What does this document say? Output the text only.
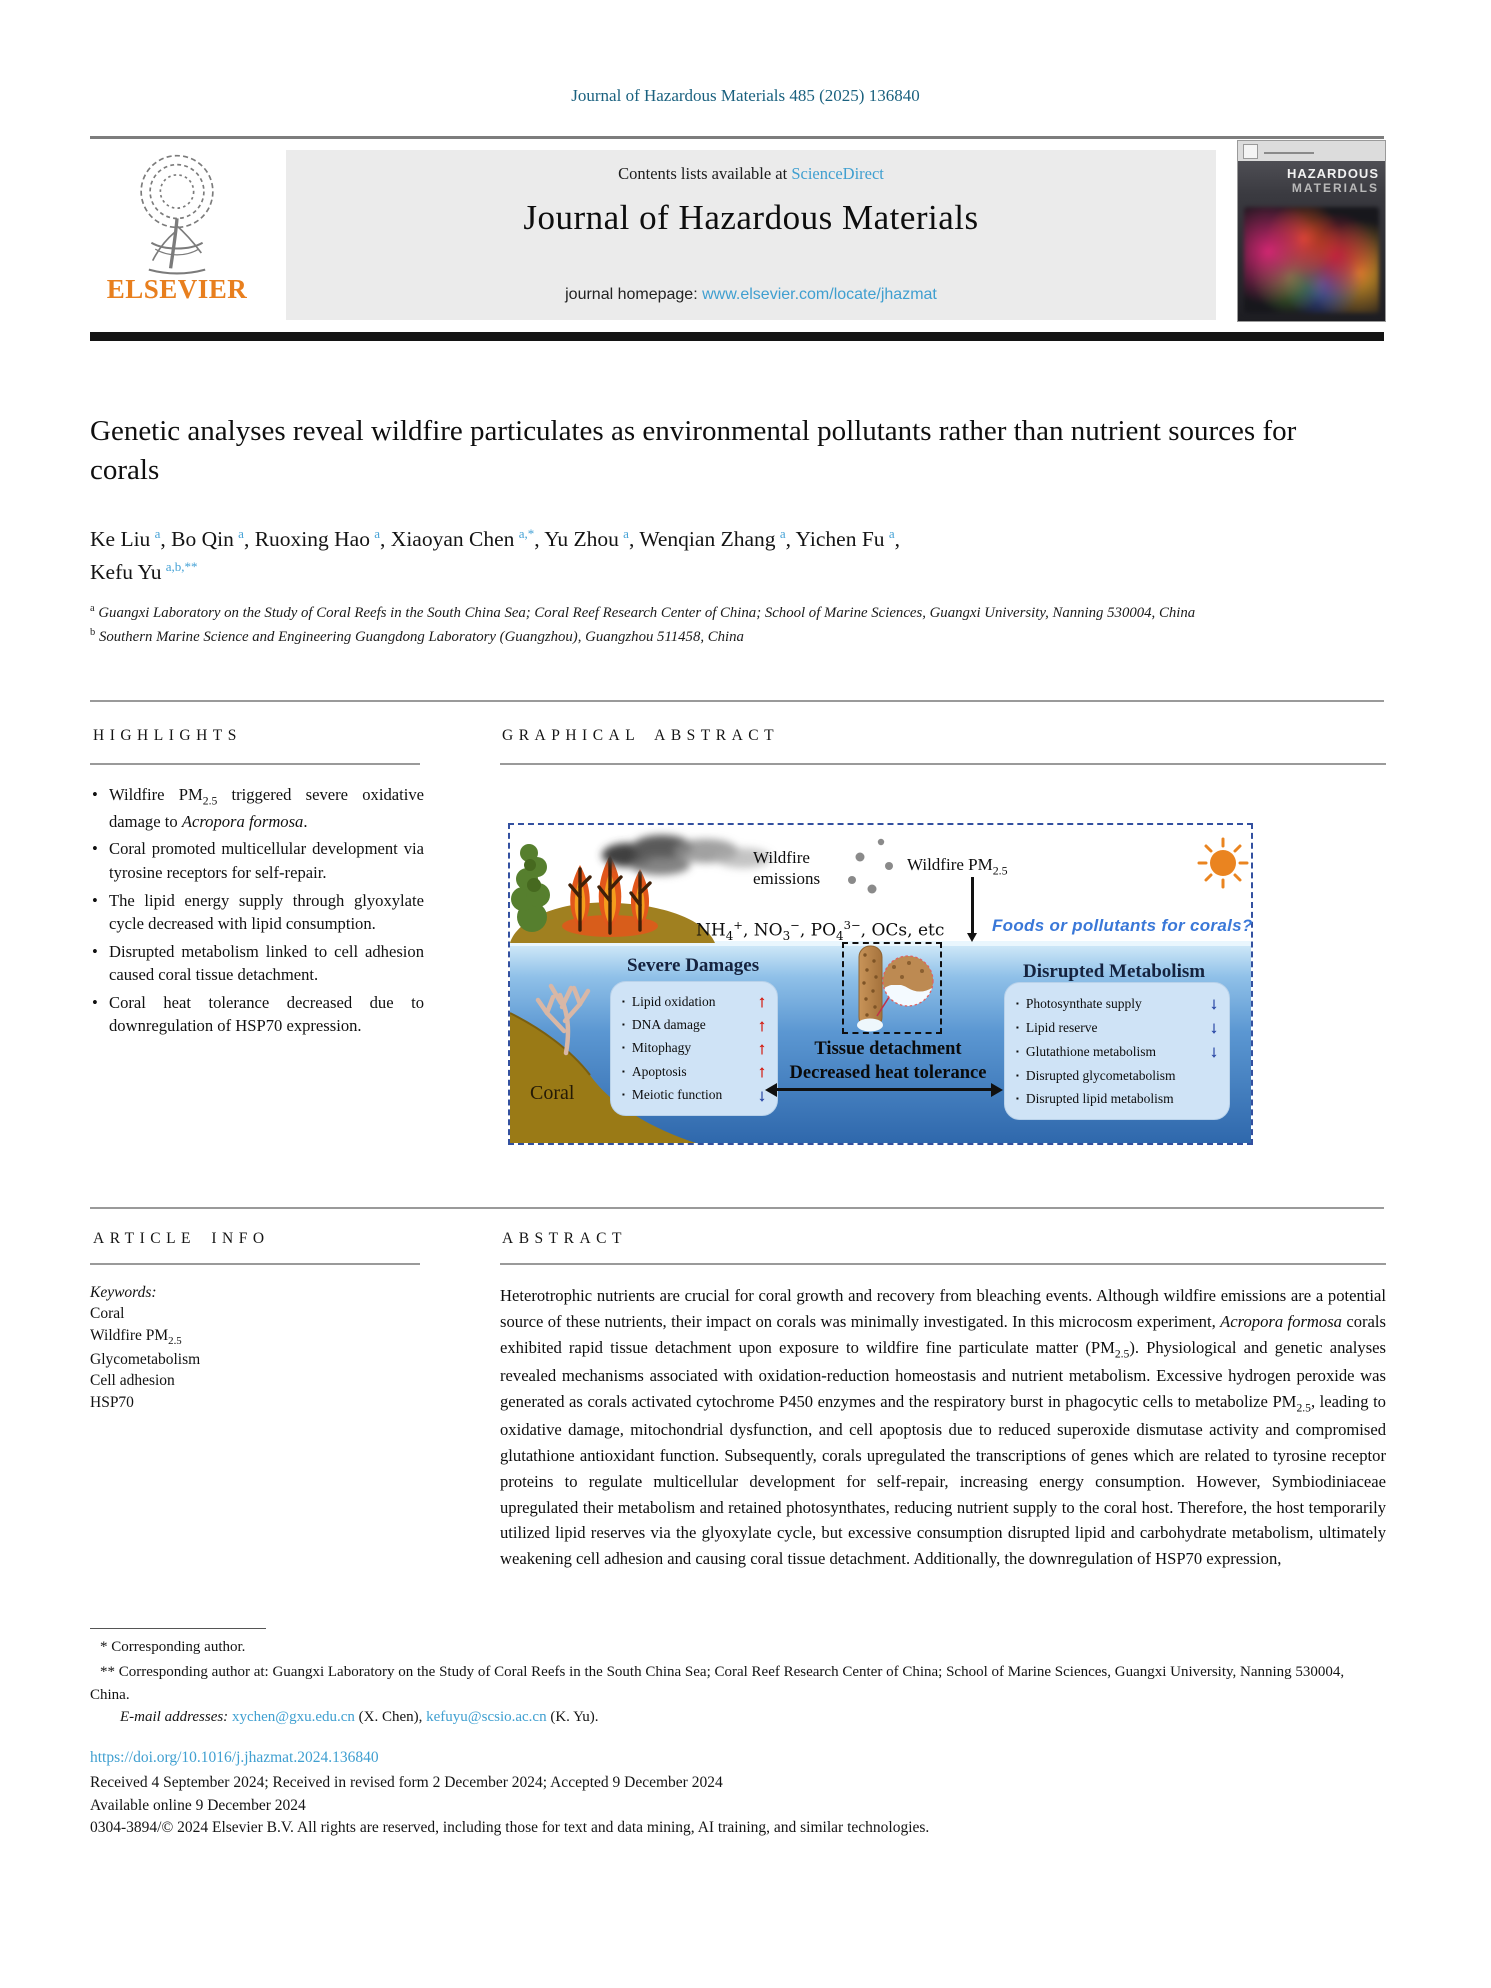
Journal of Hazardous Materials 485 (2025) 136840
ELSEVIER
Contents lists available at ScienceDirect
Journal of Hazardous Materials
journal homepage: www.elsevier.com/locate/jhazmat
HAZARDOUS
MATERIALS
Genetic analyses reveal wildfire particulates as environmental pollutants rather than nutrient sources for corals
Ke Liu $^a$, Bo Qin $^a$, Ruoxing Hao $^a$, Xiaoyan Chen $^{a,*}$, Yu Zhou $^a$, Wenqian Zhang $^a$, Yichen Fu $^a$,
Kefu Yu $^{a,b,**}$
$^a$ Guangxi Laboratory on the Study of Coral Reefs in the South China Sea; Coral Reef Research Center of China; School of Marine Sciences, Guangxi University, Nanning 530004, China
$^b$ Southern Marine Science and Engineering Guangdong Laboratory (Guangzhou), Guangzhou 511458, China
HIGHLIGHTS	GRAPHICAL ABSTRACT
• Wildfire $PM_{2.5}$ triggered severe oxidative damage to Acropora formosa.
• Coral promoted multicellular development via tyrosine receptors for self-repair.
• The lipid energy supply through glyoxylate cycle decreased with lipid consumption.
• Disrupted metabolism linked to cell adhesion caused coral tissue detachment.
• Coral heat tolerance decreased due to downregulation of HSP70 expression.
Wildfire emissions
Wildfire $PM_{2.5}$
$NH_4^+$, $NO_3^-$, $PO_4^{3-}$, OCs, etc	Foods or pollutants for corals?
Severe Damages
▪ Lipid oxidation ↑
▪ DNA damage	↑
▪ Mitophagy	↑
▪ Apoptosis	↑
▪ Meiotic function ↓
Tissue detachment
Decreased heat tolerance
Disrupted Metabolism
▪ Photosynthate supply	↓
▪ Lipid reserve	↓
▪ Glutathione metabolism	↓
▪ Disrupted glycometabolism
▪ Disrupted lipid metabolism
Coral
ARTICLE INFO	ABSTRACT
Keywords:
Coral
Wildfire $PM_{2.5}$
Glycometabolism
Cell adhesion
HSP70
Heterotrophic nutrients are crucial for coral growth and recovery from bleaching events. Although wildfire emissions are a potential source of these nutrients, their impact on corals was minimally investigated. In this microcosm experiment, Acropora formosa corals exhibited rapid tissue detachment upon exposure to wildfire fine particulate matter $(PM_{2.5})$. Physiological and genetic analyses revealed mechanisms associated with oxidation-reduction homeostasis and nutrient metabolism. Excessive hydrogen peroxide was generated as corals activated cytochrome P450 enzymes and the respiratory burst in phagocytic cells to metabolize $PM_{2.5}$, leading to oxidative damage, mitochondrial dysfunction, and cell apoptosis due to reduced superoxide dismutase activity and compromised glutathione antioxidant function. Subsequently, corals upregulated the transcriptions of genes which are related to tyrosine receptor proteins to regulate multicellular development for self-repair, increasing energy consumption. However, Symbiodiniaceae upregulated their metabolism and retained photosynthates, reducing nutrient supply to the coral host. Therefore, the host temporarily utilized lipid reserves via the glyoxylate cycle, but excessive consumption disrupted lipid and carbohydrate metabolism, ultimately weakening cell adhesion and causing coral tissue detachment. Additionally, the downregulation of HSP70 expression,
* Corresponding author.
** Corresponding author at: Guangxi Laboratory on the Study of Coral Reefs in the South China Sea; Coral Reef Research Center of China; School of Marine Sciences, Guangxi University, Nanning 530004, China.
E-mail addresses: xychen@gxu.edu.cn (X. Chen), kefuyu@scsio.ac.cn (K. Yu).
https://doi.org/10.1016/j.jhazmat.2024.136840
Received 4 September 2024; Received in revised form 2 December 2024; Accepted 9 December 2024
Available online 9 December 2024
0304-3894/© 2024 Elsevier B.V. All rights are reserved, including those for text and data mining, AI training, and similar technologies.
